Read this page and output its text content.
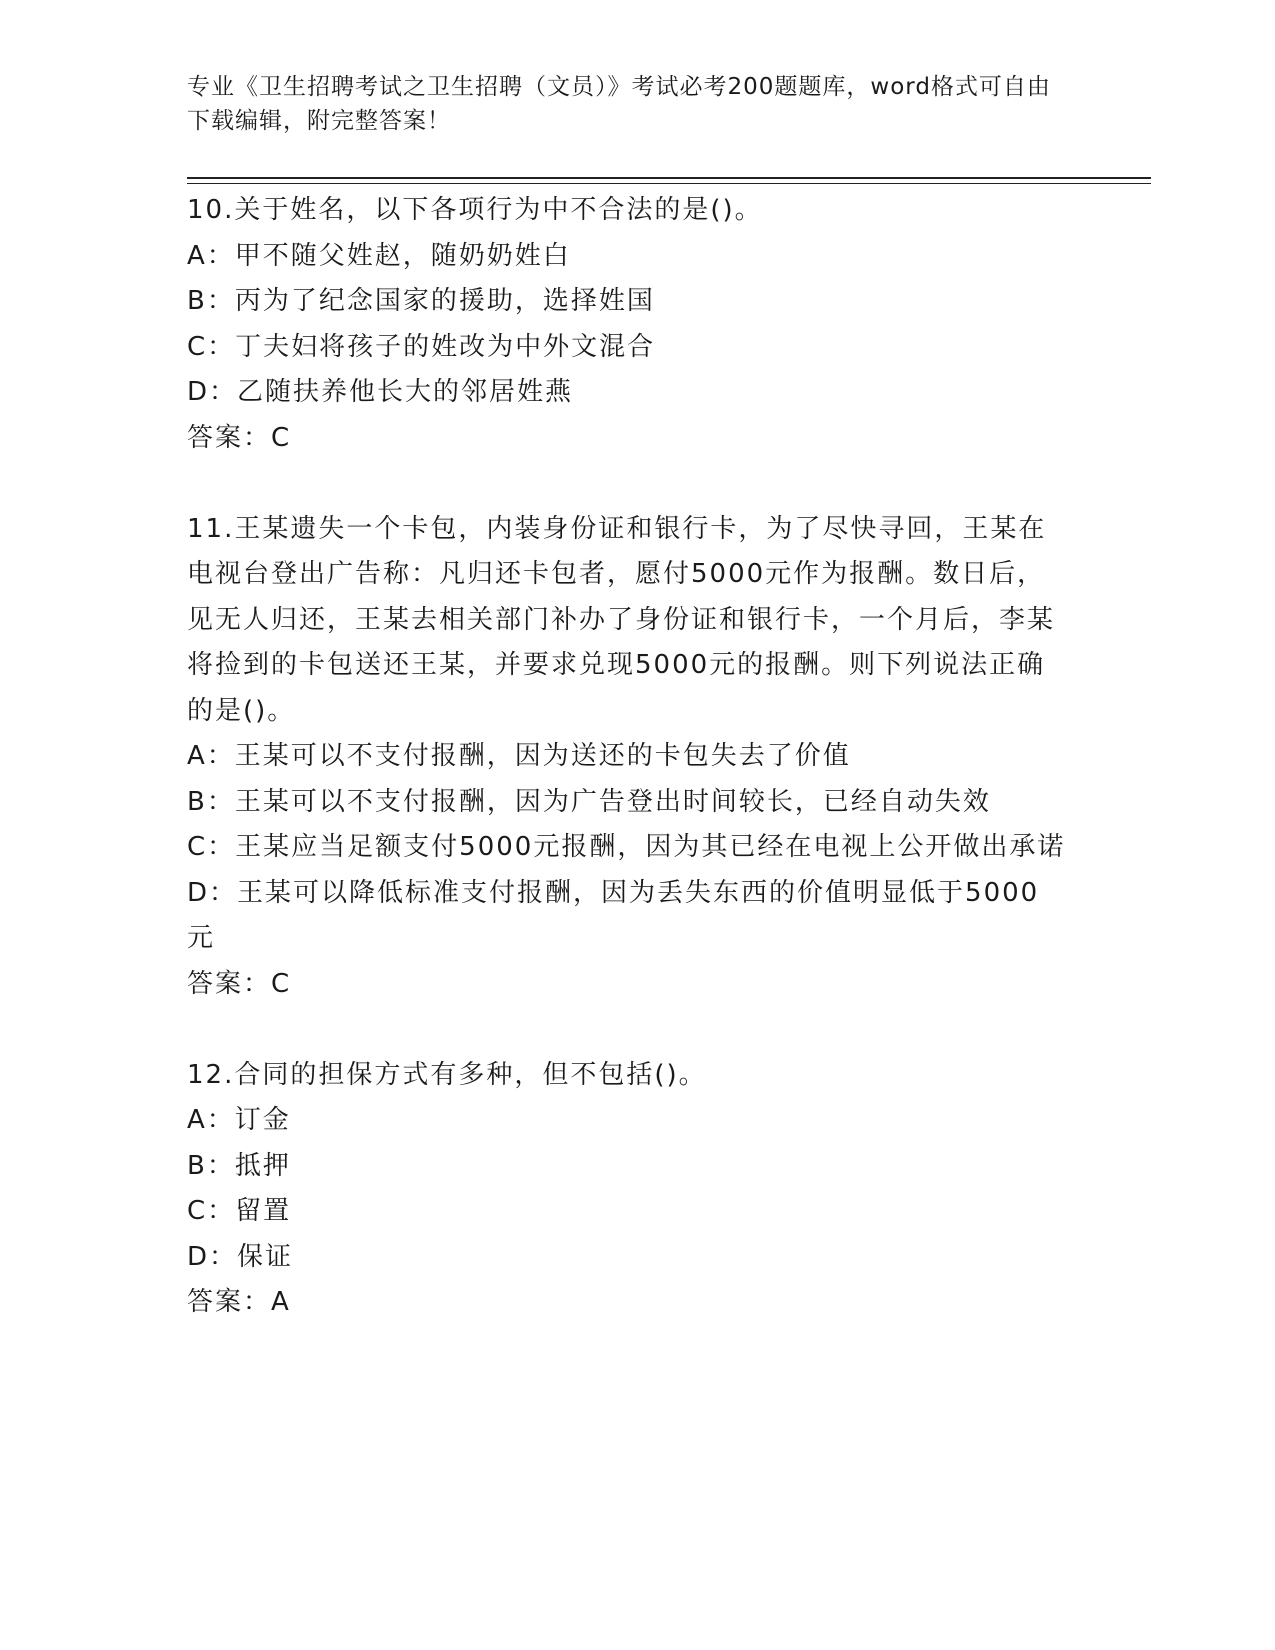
专业《卫生招聘考试之卫生招聘（文员）》考试必考200题题库，word格式可自由下载编辑，附完整答案！
10.关于姓名，以下各项行为中不合法的是()。
A：甲不随父姓赵，随奶奶姓白
B：丙为了纪念国家的援助，选择姓国
C：丁夫妇将孩子的姓改为中外文混合
D：乙随扶养他长大的邻居姓燕
答案：C
11.王某遗失一个卡包，内装身份证和银行卡，为了尽快寻回，王某在电视台登出广告称：凡归还卡包者，愿付5000元作为报酬。数日后，见无人归还，王某去相关部门补办了身份证和银行卡，一个月后，李某将捡到的卡包送还王某，并要求兑现5000元的报酬。则下列说法正确的是()。
A：王某可以不支付报酬，因为送还的卡包失去了价值
B：王某可以不支付报酬，因为广告登出时间较长，已经自动失效
C：王某应当足额支付5000元报酬，因为其已经在电视上公开做出承诺
D：王某可以降低标准支付报酬，因为丢失东西的价值明显低于5000元
答案：C
12.合同的担保方式有多种，但不包括()。
A：订金
B：抵押
C：留置
D：保证
答案：A
